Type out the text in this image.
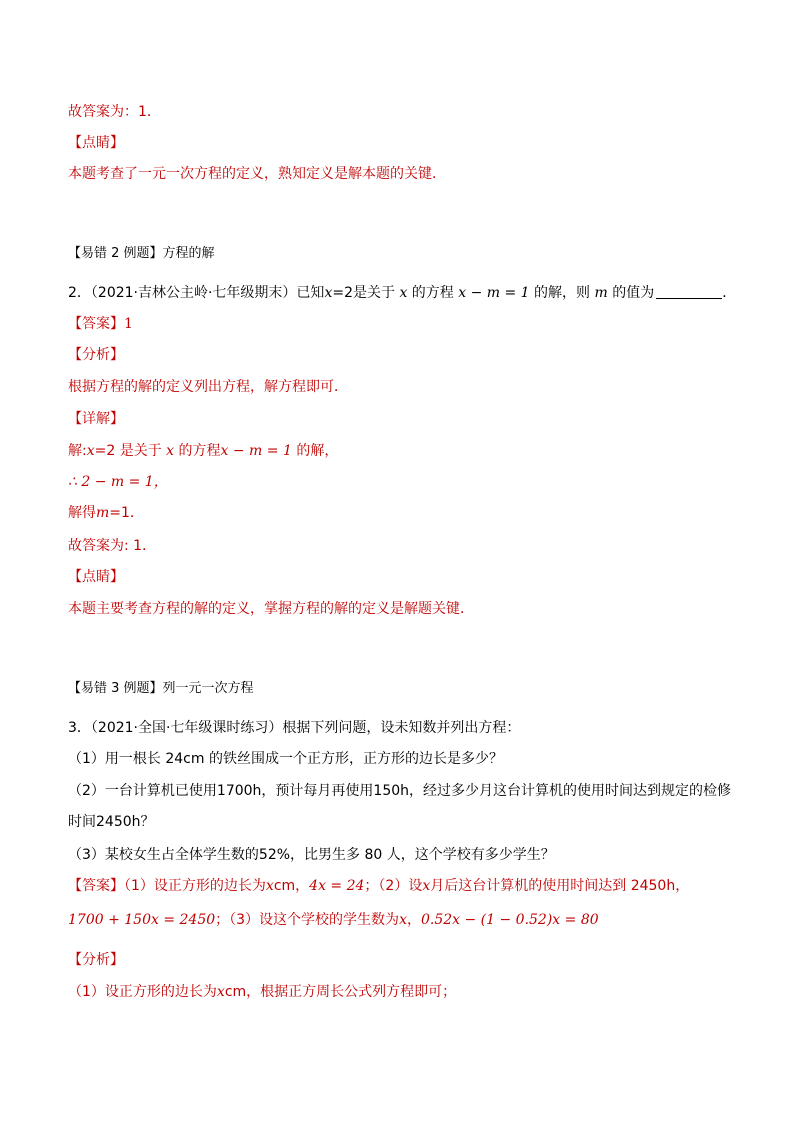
故答案为：1．
【点睛】
本题考查了一元一次方程的定义，熟知定义是解本题的关键．
【易错 2 例题】方程的解
2．（2021·吉林公主岭·七年级期末）已知x=2是关于 x 的方程 x − m = 1 的解，则 m 的值为	．
【答案】1
【分析】
根据方程的解的定义列出方程，解方程即可．
【详解】
解:x=2 是关于 x 的方程x − m = 1 的解，
∴ 2 − m = 1，
解得m=1．
故答案为: 1．
【点睛】
本题主要考查方程的解的定义，掌握方程的解的定义是解题关键．
【易错 3 例题】列一元一次方程
3．（2021·全国·七年级课时练习）根据下列问题，设未知数并列出方程：
（1）用一根长 24cm 的铁丝围成一个正方形，正方形的边长是多少？
（2）一台计算机已使用1700h，预计每月再使用150h，经过多少月这台计算机的使用时间达到规定的检修
时间2450h？
（3）某校女生占全体学生数的52%，比男生多 80 人，这个学校有多少学生？
【答案】（1）设正方形的边长为xcm，4x = 24；（2）设x月后这台计算机的使用时间达到 2450h，
1700 + 150x = 2450；（3）设这个学校的学生数为x，0.52x − (1 − 0.52)x = 80
【分析】
（1）设正方形的边长为xcm，根据正方周长公式列方程即可；
